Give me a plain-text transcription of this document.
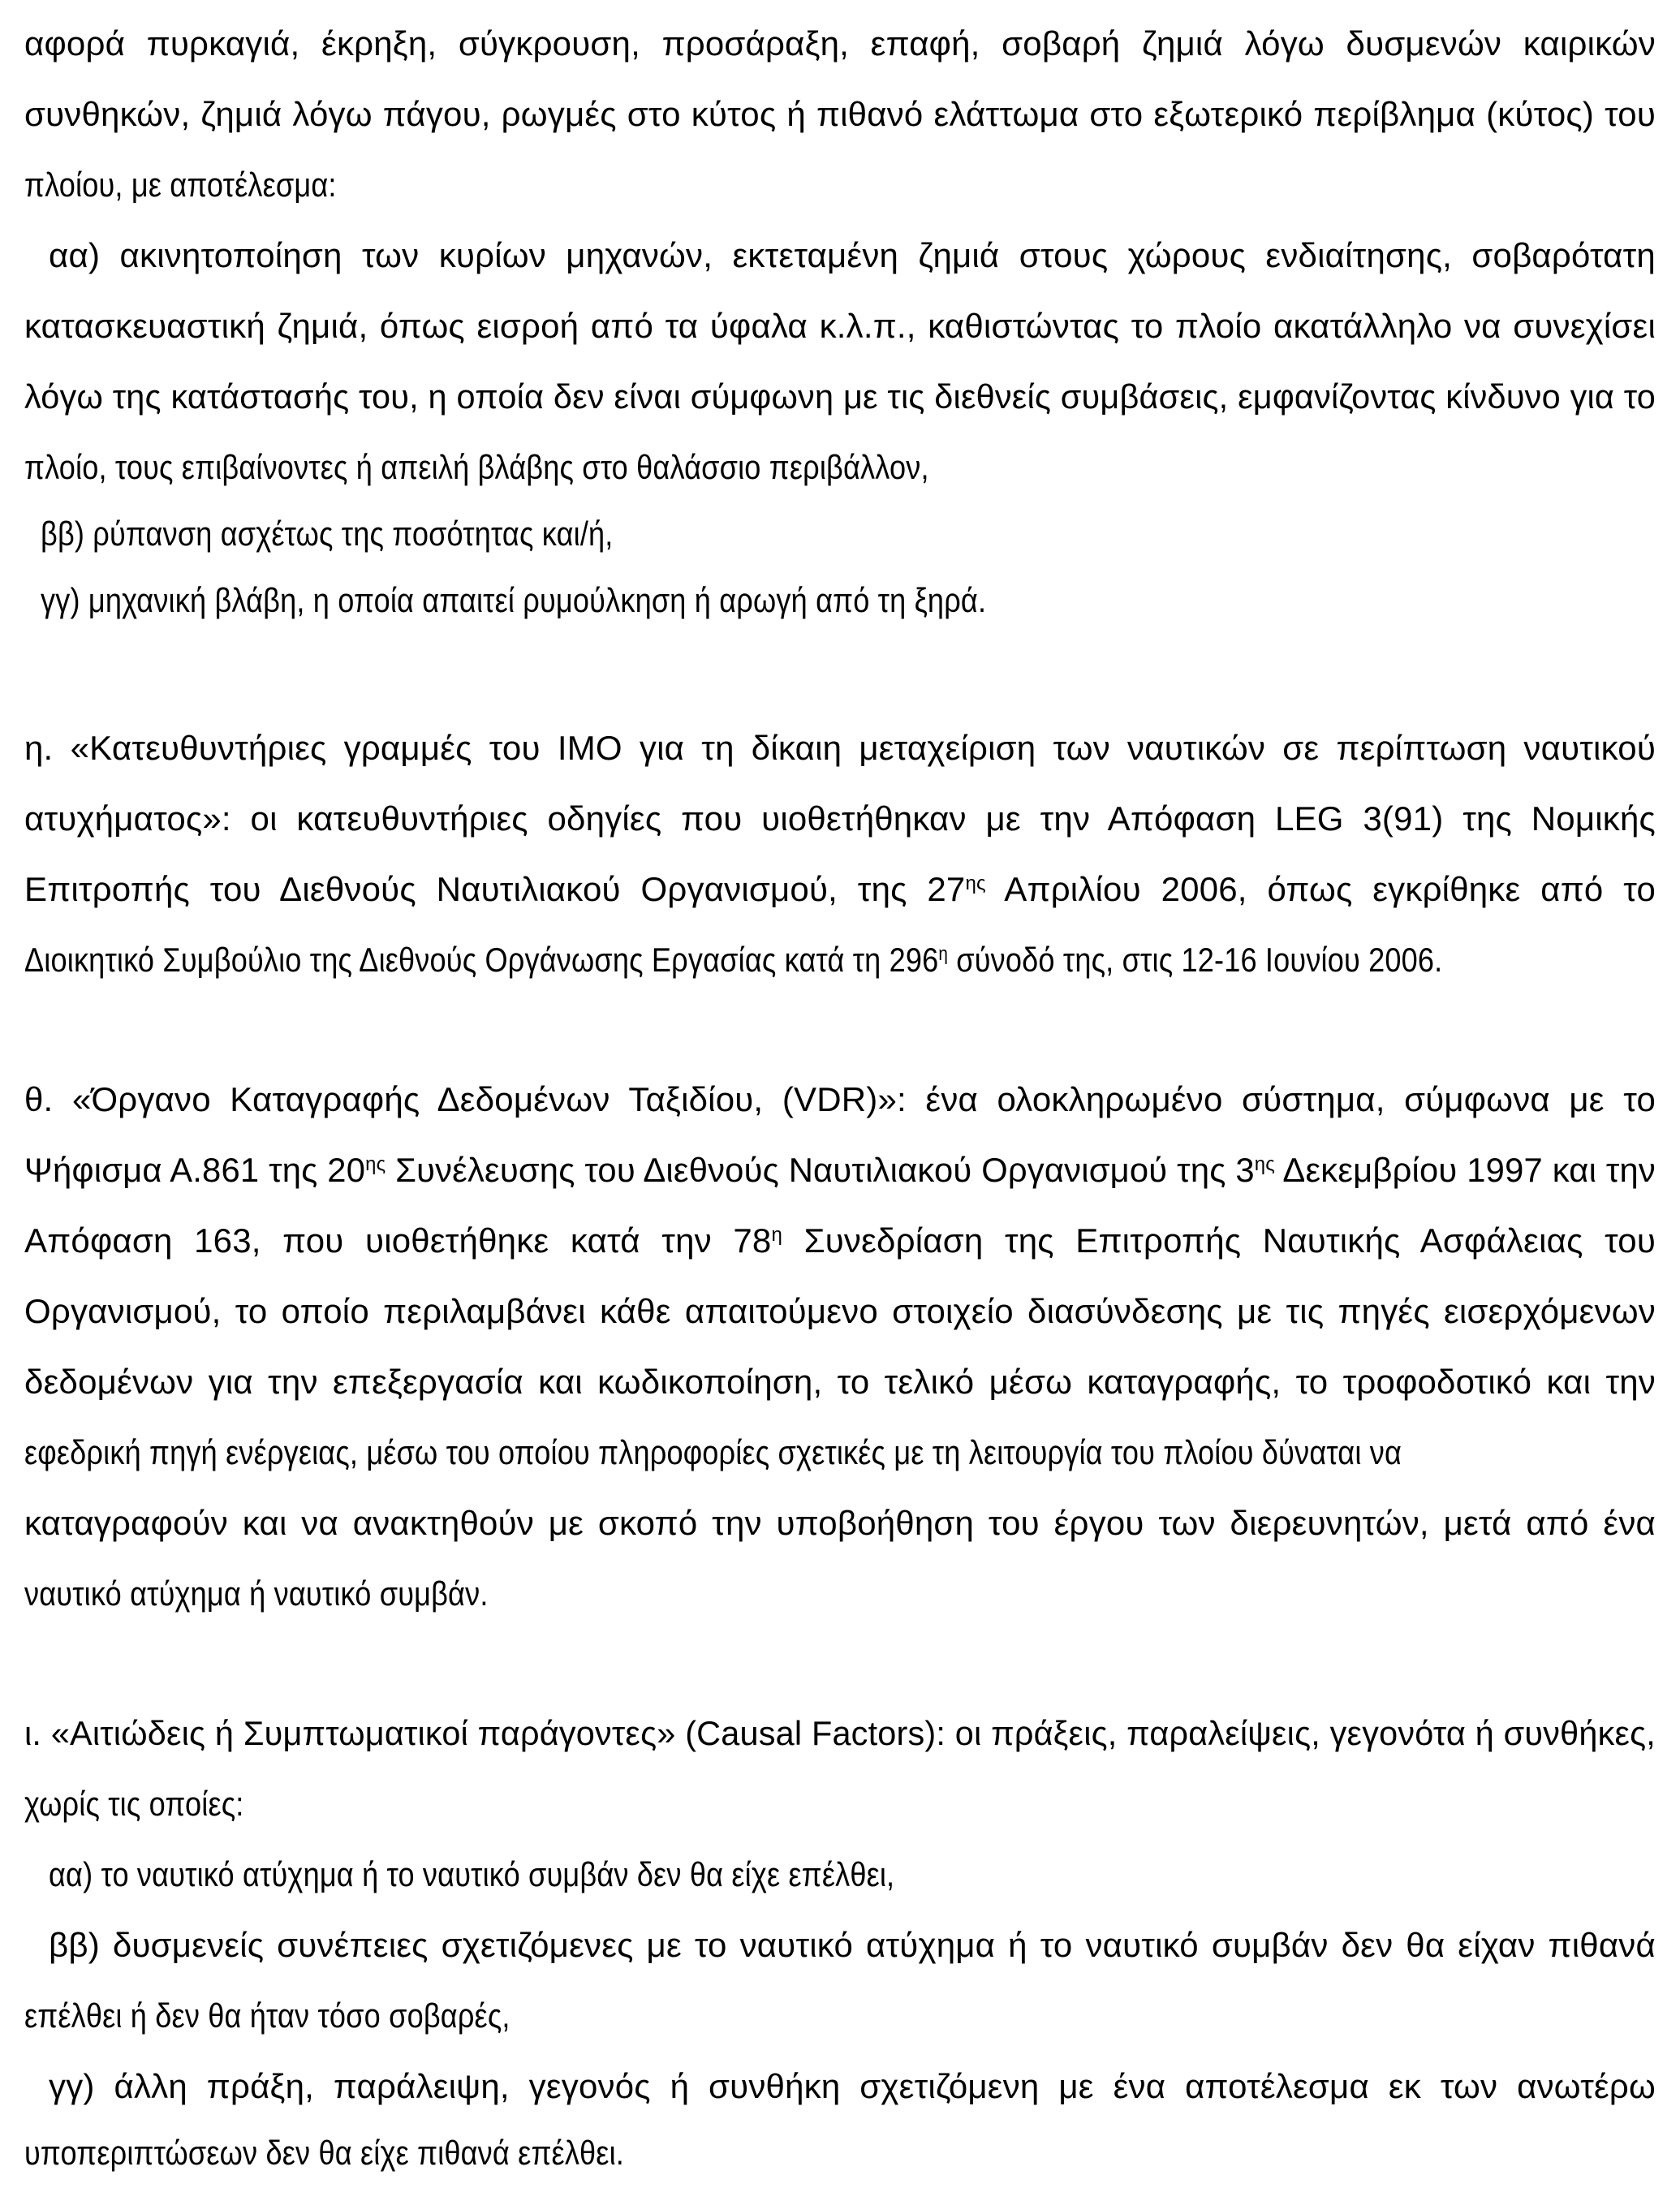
αφορά πυρκαγιά, έκρηξη, σύγκρουση, προσάραξη, επαφή, σοβαρή ζημιά λόγω δυσμενών καιρικών
συνθηκών, ζημιά λόγω πάγου, ρωγμές στο κύτος ή πιθανό ελάττωμα στο εξωτερικό περίβλημα (κύτος) του
πλοίου, με αποτέλεσμα:
αα) ακινητοποίηση των κυρίων μηχανών, εκτεταμένη ζημιά στους χώρους ενδιαίτησης, σοβαρότατη
κατασκευαστική ζημιά, όπως εισροή από τα ύφαλα κ.λ.π., καθιστώντας το πλοίο ακατάλληλο να συνεχίσει
λόγω της κατάστασής του, η οποία δεν είναι σύμφωνη με τις διεθνείς συμβάσεις, εμφανίζοντας κίνδυνο για το
πλοίο, τους επιβαίνοντες ή απειλή βλάβης στο θαλάσσιο περιβάλλον,
ββ) ρύπανση ασχέτως της ποσότητας και/ή,
γγ) μηχανική βλάβη, η οποία απαιτεί ρυμούλκηση ή αρωγή από τη ξηρά.
η. «Κατευθυντήριες γραμμές του IMO για τη δίκαιη μεταχείριση των ναυτικών σε περίπτωση ναυτικού
ατυχήματος»: οι κατευθυντήριες οδηγίες που υιοθετήθηκαν με την Απόφαση LEG 3(91) της Νομικής
Επιτροπής του Διεθνούς Ναυτιλιακού Οργανισμού, της $27^{\eta\varsigma}$ Απριλίου 2006, όπως εγκρίθηκε από το
Διοικητικό Συμβούλιο της Διεθνούς Οργάνωσης Εργασίας κατά τη $296^\eta$ σύνοδό της, στις 12-16 Ιουνίου 2006.
θ. «Όργανο Καταγραφής Δεδομένων Ταξιδίου, (VDR)»: ένα ολοκληρωμένο σύστημα, σύμφωνα με το
Ψήφισμα Α.861 της $20^{\eta\varsigma}$ Συνέλευσης του Διεθνούς Ναυτιλιακού Οργανισμού της $3^{\eta\varsigma}$ Δεκεμβρίου 1997 και την
Απόφαση 163, που υιοθετήθηκε κατά την $78^\eta$ Συνεδρίαση της Επιτροπής Ναυτικής Ασφάλειας του
Οργανισμού, το οποίο περιλαμβάνει κάθε απαιτούμενο στοιχείο διασύνδεσης με τις πηγές εισερχόμενων
δεδομένων για την επεξεργασία και κωδικοποίηση, το τελικό μέσω καταγραφής, το τροφοδοτικό και την
εφεδρική πηγή ενέργειας, μέσω του οποίου πληροφορίες σχετικές με τη λειτουργία του πλοίου δύναται να
καταγραφούν και να ανακτηθούν με σκοπό την υποβοήθηση του έργου των διερευνητών, μετά από ένα
ναυτικό ατύχημα ή ναυτικό συμβάν.
ι. «Αιτιώδεις ή Συμπτωματικοί παράγοντες» (Causal Factors): οι πράξεις, παραλείψεις, γεγονότα ή συνθήκες,
χωρίς τις οποίες:
αα) το ναυτικό ατύχημα ή το ναυτικό συμβάν δεν θα είχε επέλθει,
ββ) δυσμενείς συνέπειες σχετιζόμενες με το ναυτικό ατύχημα ή το ναυτικό συμβάν δεν θα είχαν πιθανά
επέλθει ή δεν θα ήταν τόσο σοβαρές,
γγ) άλλη πράξη, παράλειψη, γεγονός ή συνθήκη σχετιζόμενη με ένα αποτέλεσμα εκ των ανωτέρω
υποπεριπτώσεων δεν θα είχε πιθανά επέλθει.
